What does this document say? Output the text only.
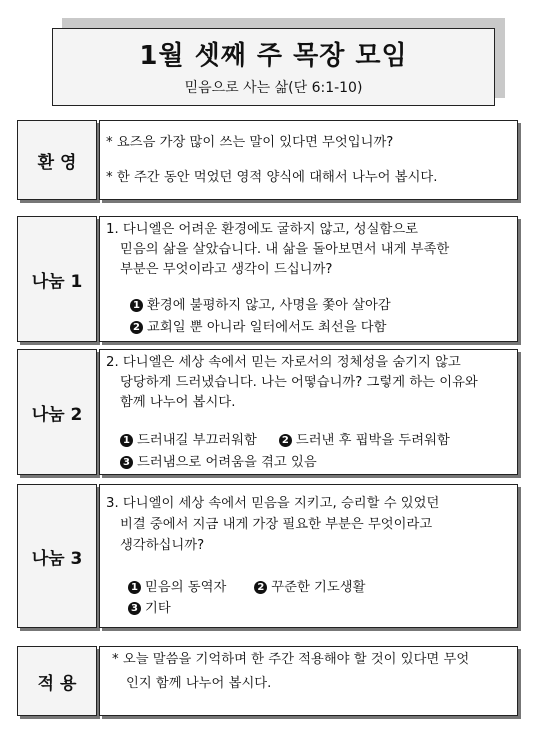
1월 셋째 주 목장 모임
믿음으로 사는 삶(단 6:1-10)
환 영
* 요즈음 가장 많이 쓰는 말이 있다면 무엇입니까?
* 한 주간 동안 먹었던 영적 양식에 대해서 나누어 봅시다.
나눔 1
1. 다니엘은 어려운 환경에도 굴하지 않고, 성실함으로
믿음의 삶을 살았습니다. 내 삶을 돌아보면서 내게 부족한
부분은 무엇이라고 생각이 드십니까?
1 환경에 불평하지 않고, 사명을 쫓아 살아감
2 교회일 뿐 아니라 일터에서도 최선을 다함
나눔 2
2. 다니엘은 세상 속에서 믿는 자로서의 정체성을 숨기지 않고
당당하게 드러냈습니다. 나는 어떻습니까? 그렇게 하는 이유와
함께 나누어 봅시다.
1 드러내길 부끄러워함	2 드러낸 후 핍박을 두려워함
3 드러냄으로 어려움을 겪고 있음
나눔 3
3. 다니엘이 세상 속에서 믿음을 지키고, 승리할 수 있었던
비결 중에서 지금 내게 가장 필요한 부분은 무엇이라고
생각하십니까?
1 믿음의 동역자	2 꾸준한 기도생활
3 기타
적 용
* 오늘 말씀을 기억하며 한 주간 적용해야 할 것이 있다면 무엇
인지 함께 나누어 봅시다.
